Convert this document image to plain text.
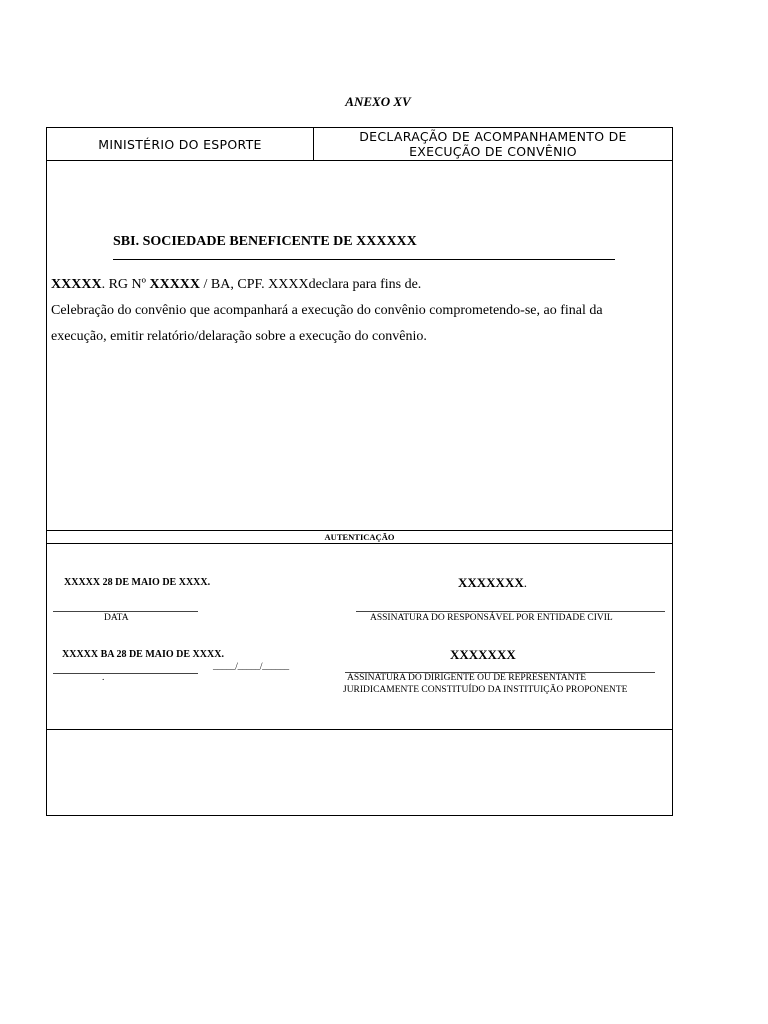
ANEXO XV
MINISTÉRIO DO ESPORTE	DECLARAÇÃO DE ACOMPANHAMENTO DE
EXECUÇÃO DE CONVÊNIO
SBI. SOCIEDADE BENEFICENTE DE XXXXXX
XXXXX. RG Nº XXXXX / BA, CPF. XXXXdeclara para fins de.
Celebração do convênio que acompanhará a execução do convênio comprometendo-se, ao final da
execução, emitir relatório/delaração sobre a execução do convênio.
AUTENTICAÇÃO
XXXXX 28 DE MAIO DE XXXX.	XXXXXXX.
DATA	ASSINATURA DO RESPONSÁVEL POR ENTIDADE CIVIL
XXXXX BA 28 DE MAIO DE XXXX.	XXXXXXX
_____/_____/______
.	ASSINATURA DO DIRIGENTE OU DE REPRESENTANTE
JURIDICAMENTE CONSTITUÍDO DA INSTITUIÇÃO PROPONENTE
